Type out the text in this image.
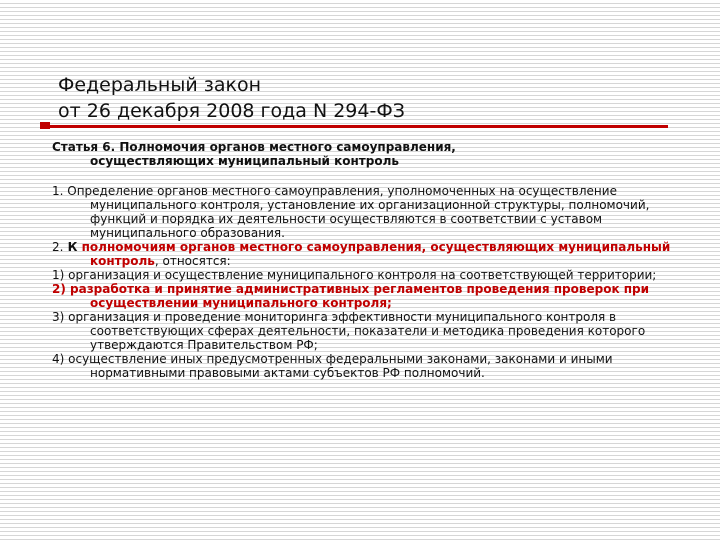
Федеральный закон
от 26 декабря 2008 года N 294-ФЗ

Статья 6. Полномочия органов местного самоуправления,

осуществляющих муниципальный контроль

1. Определение органов местного самоуправления, уполномоченных на осуществление муниципального контроля, установление их организационной структуры, полномочий, функций и порядка их деятельности осуществляются в соответствии с уставом муниципального образования.

2. К полномочиям органов местного самоуправления, осуществляющих муниципальный контроль, относятся:

1) организация и осуществление муниципального контроля на соответствующей территории;

2) разработка и принятие административных регламентов проведения проверок при осуществлении муниципального контроля;

3) организация и проведение мониторинга эффективности муниципального контроля в соответствующих сферах деятельности, показатели и методика проведения которого утверждаются Правительством РФ;

4) осуществление иных предусмотренных федеральными законами, законами и иными нормативными правовыми актами субъектов РФ полномочий.
